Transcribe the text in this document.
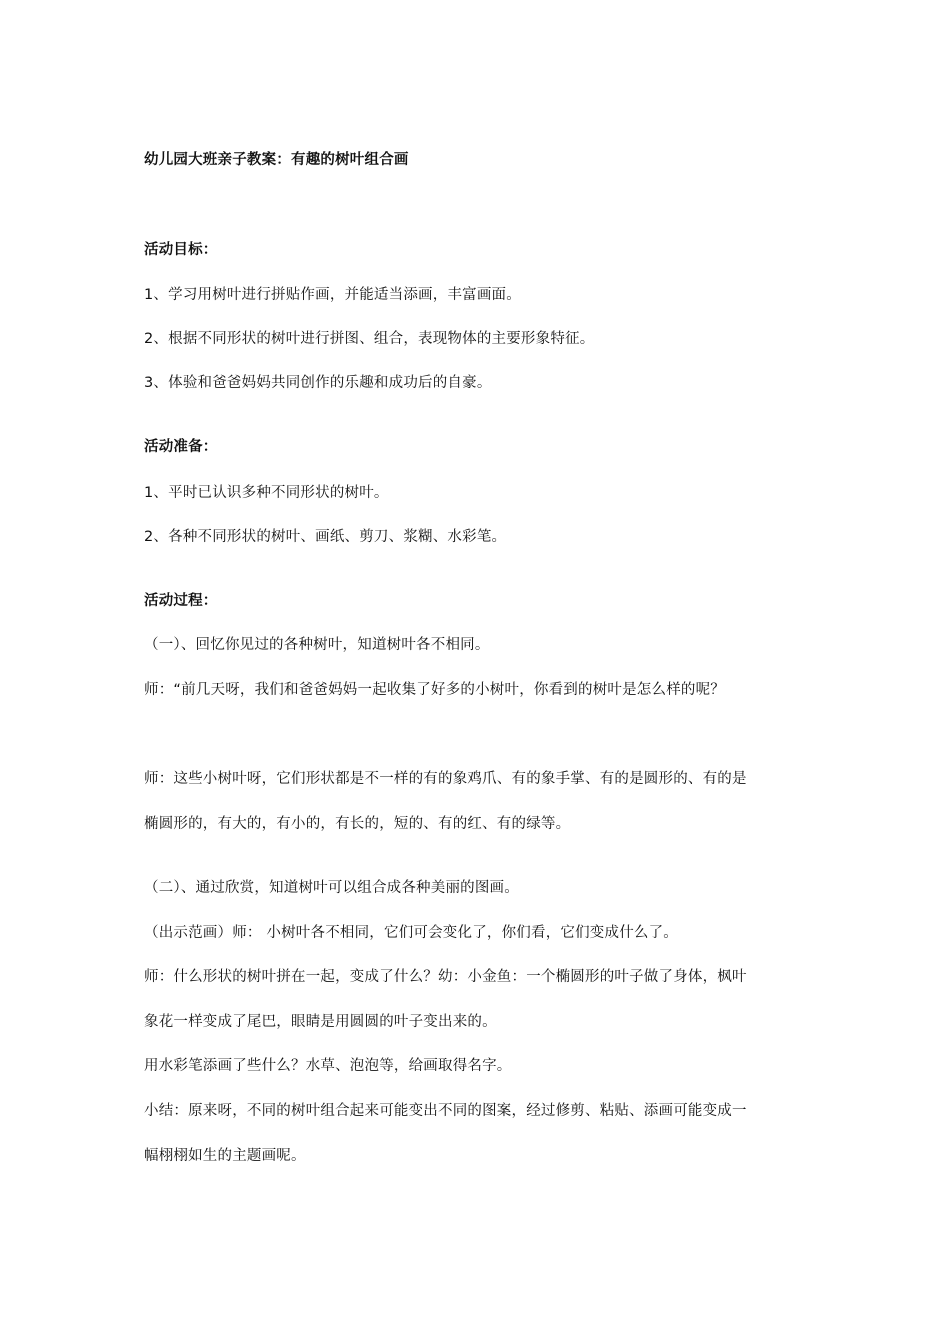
幼儿园大班亲子教案：有趣的树叶组合画
活动目标：
1、学习用树叶进行拼贴作画，并能适当添画，丰富画面。
2、根据不同形状的树叶进行拼图、组合，表现物体的主要形象特征。
3、体验和爸爸妈妈共同创作的乐趣和成功后的自豪。
活动准备：
1、平时已认识多种不同形状的树叶。
2、各种不同形状的树叶、画纸、剪刀、浆糊、水彩笔。
活动过程：
（一）、回忆你见过的各种树叶，知道树叶各不相同。
师：“前几天呀，我们和爸爸妈妈一起收集了好多的小树叶，你看到的树叶是怎么样的呢？
师：这些小树叶呀，它们形状都是不一样的有的象鸡爪、有的象手掌、有的是圆形的、有的是
椭圆形的，有大的，有小的，有长的，短的、有的红、有的绿等。
（二）、通过欣赏，知道树叶可以组合成各种美丽的图画。
（出示范画）师： 小树叶各不相同，它们可会变化了，你们看，它们变成什么了。
师：什么形状的树叶拼在一起，变成了什么？幼：小金鱼：一个椭圆形的叶子做了身体，枫叶
象花一样变成了尾巴，眼睛是用圆圆的叶子变出来的。
用水彩笔添画了些什么？水草、泡泡等，给画取得名字。
小结：原来呀，不同的树叶组合起来可能变出不同的图案，经过修剪、粘贴、添画可能变成一
幅栩栩如生的主题画呢。
